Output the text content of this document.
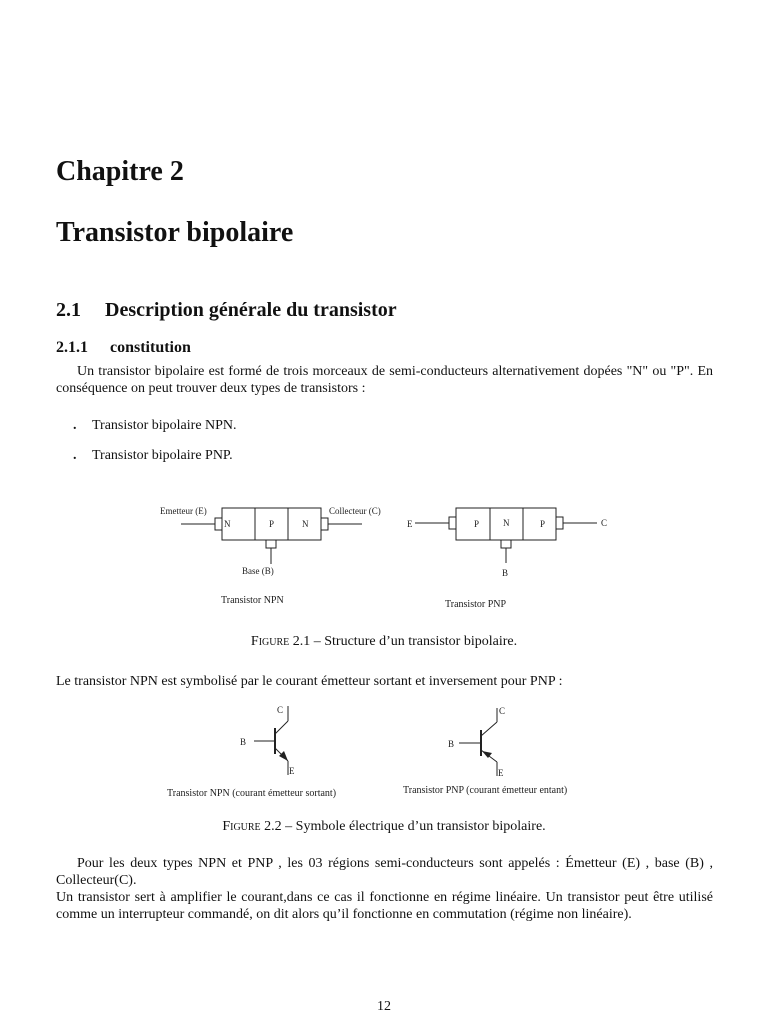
Chapitre 2
Transistor bipolaire
2.1 Description générale du transistor
2.1.1 constitution

Un transistor bipolaire est formé de trois morceaux de semi-conducteurs alternativement dopées "N" ou "P". En conséquence on peut trouver deux types de transistors :

. Transistor bipolaire NPN.
. Transistor bipolaire PNP.
Emetteur (E)	Collecteur (C)
N	P	N
Base (B)
Transistor NPN
E	C
P	N	P
B
Transistor PNP
C
B
E
Transistor NPN (courant émetteur sortant)
C
B
E
Transistor PNP (courant émetteur entant)
Figure 2.1 – Structure d’un transistor bipolaire.

Le transistor NPN est symbolisé par le courant émetteur sortant et inversement pour PNP :

Figure 2.2 – Symbole électrique d’un transistor bipolaire.

Pour les deux types NPN et PNP , les 03 régions semi-conducteurs sont appelés : Émetteur (E) , base (B) , Collecteur(C).

Un transistor sert à amplifier le courant,dans ce cas il fonctionne en régime linéaire. Un transistor peut être utilisé comme un interrupteur commandé, on dit alors qu’il fonctionne en commutation (régime non linéaire).

12
